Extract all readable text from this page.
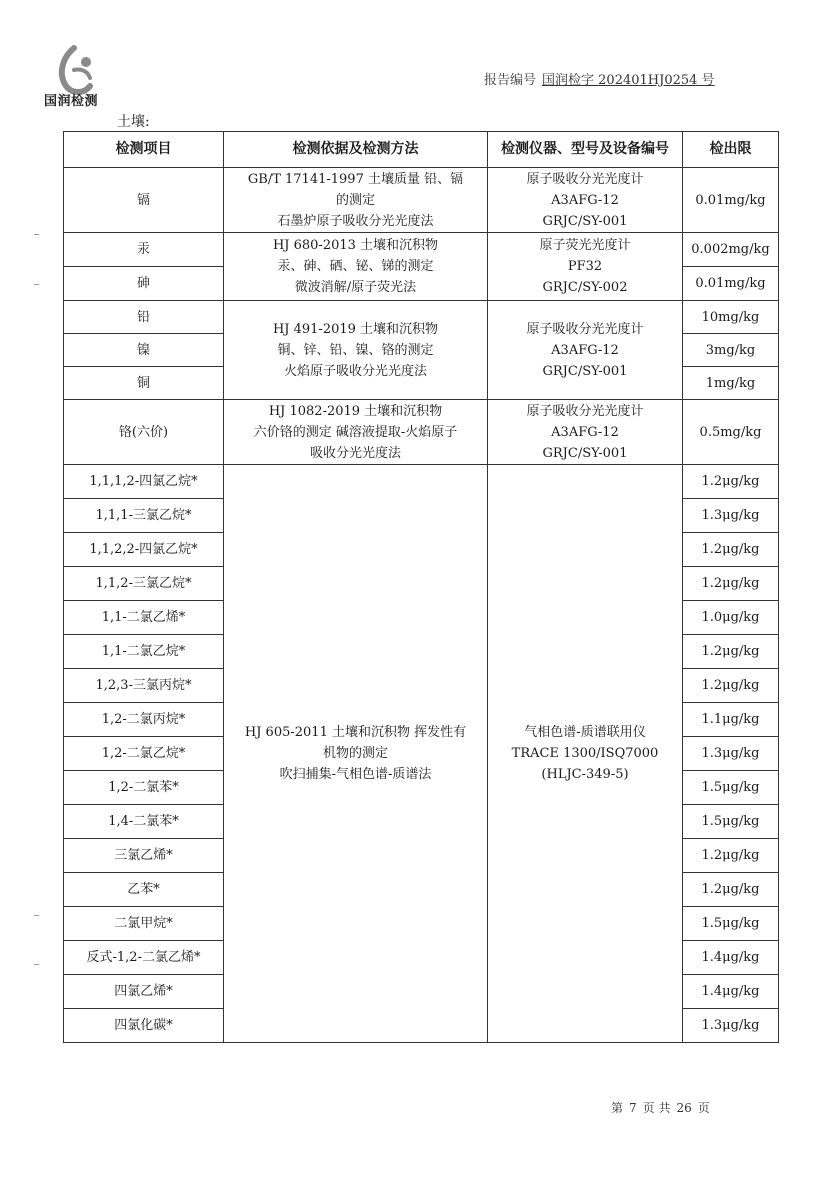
国润检测
报告编号 国润检字 202401HJ0254 号
土壤:
检测项目	检测依据及检测方法	检测仪器、型号及设备编号	检出限
镉	GB/T 17141-1997 土壤质量 铅、镉
的测定
石墨炉原子吸收分光光度法	原子吸收分光光度计
A3AFG-12
GRJC/SY-001	0.01mg/kg
汞	HJ 680-2013 土壤和沉积物
汞、砷、硒、铋、锑的测定
微波消解/原子荧光法	原子荧光光度计
PF32
GRJC/SY-002	0.002mg/kg
砷			0.01mg/kg
铅	HJ 491-2019 土壤和沉积物
铜、锌、铅、镍、铬的测定
火焰原子吸收分光光度法	原子吸收分光光度计
A3AFG-12
GRJC/SY-001	10mg/kg
镍			3mg/kg
铜			1mg/kg
铬(六价)	HJ 1082-2019 土壤和沉积物
六价铬的测定 碱溶液提取-火焰原子
吸收分光光度法	原子吸收分光光度计
A3AFG-12
GRJC/SY-001	0.5mg/kg
1,1,1,2-四氯乙烷*	HJ 605-2011 土壤和沉积物 挥发性有
机物的测定
吹扫捕集-气相色谱-质谱法	气相色谱-质谱联用仪
TRACE 1300/ISQ7000
(HLJC-349-5)	1.2μg/kg
1,1,1-三氯乙烷*			1.3μg/kg
1,1,2,2-四氯乙烷*			1.2μg/kg
1,1,2-三氯乙烷*			1.2μg/kg
1,1-二氯乙烯*			1.0μg/kg
1,1-二氯乙烷*			1.2μg/kg
1,2,3-三氯丙烷*			1.2μg/kg
1,2-二氯丙烷*			1.1μg/kg
1,2-二氯乙烷*			1.3μg/kg
1,2-二氯苯*			1.5μg/kg
1,4-二氯苯*			1.5μg/kg
三氯乙烯*			1.2μg/kg
乙苯*			1.2μg/kg
二氯甲烷*			1.5μg/kg
反式-1,2-二氯乙烯*			1.4μg/kg
四氯乙烯*			1.4μg/kg
四氯化碳*			1.3μg/kg
第 7 页 共 26 页
